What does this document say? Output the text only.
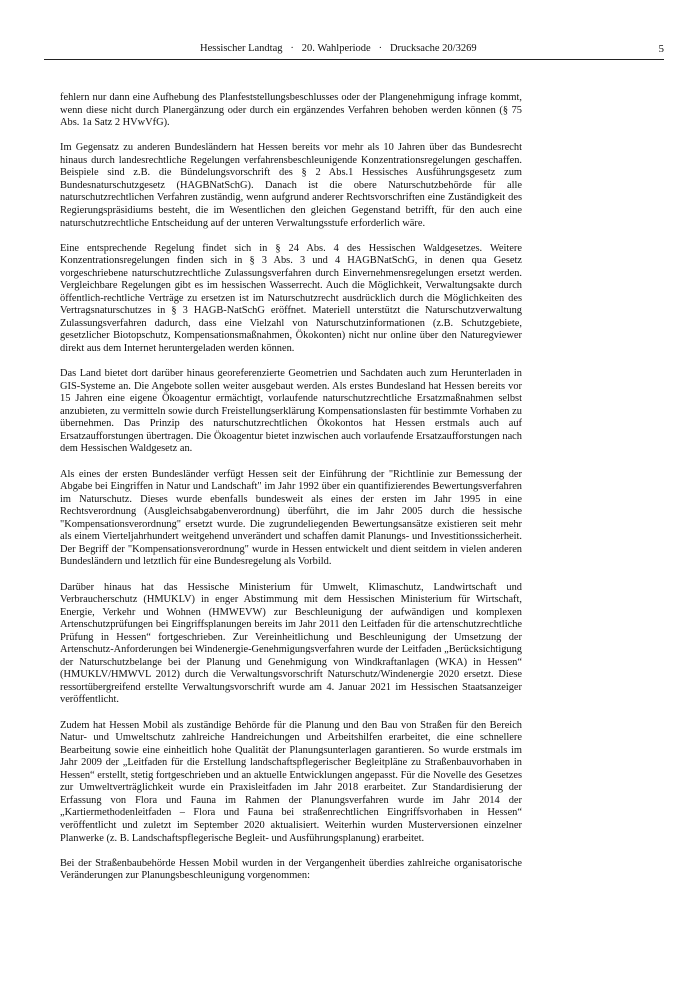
Hessischer Landtag · 20. Wahlperiode · Drucksache 20/3269	5

fehlern nur dann eine Aufhebung des Planfeststellungsbeschlusses oder der Plangenehmigung infrage kommt, wenn diese nicht durch Planergänzung oder durch ein ergänzendes Verfahren behoben werden können (§ 75 Abs. 1a Satz 2 HVwVfG).

Im Gegensatz zu anderen Bundesländern hat Hessen bereits vor mehr als 10 Jahren über das Bundesrecht hinaus durch landesrechtliche Regelungen verfahrensbeschleunigende Konzentrationsregelungen geschaffen. Beispiele sind z.B. die Bündelungsvorschrift des § 2 Abs.1 Hessisches Ausführungsgesetz zum Bundesnaturschutzgesetz (HAGBNatSchG). Danach ist die obere Naturschutzbehörde für alle naturschutzrechtlichen Verfahren zuständig, wenn aufgrund anderer Rechtsvorschriften eine Zuständigkeit des Regierungspräsidiums besteht, die im Wesentlichen den gleichen Gegenstand betrifft, für den auch eine naturschutzrechtliche Entscheidung auf der unteren Verwaltungsstufe erforderlich wäre.

Eine entsprechende Regelung findet sich in § 24 Abs. 4 des Hessischen Waldgesetzes. Weitere Konzentrationsregelungen finden sich in § 3 Abs. 3 und 4 HAGBNatSchG, in denen qua Gesetz vorgeschriebene naturschutzrechtliche Zulassungsverfahren durch Einvernehmensregelungen ersetzt werden. Vergleichbare Regelungen gibt es im hessischen Wasserrecht. Auch die Möglichkeit, Verwaltungsakte durch öffentlich-rechtliche Verträge zu ersetzen ist im Naturschutzrecht ausdrücklich durch die Möglichkeiten des Vertragsnaturschutzes in § 3 HAGB-NatSchG eröffnet. Materiell unterstützt die Naturschutzverwaltung Zulassungsverfahren dadurch, dass eine Vielzahl von Naturschutzinformationen (z.B. Schutzgebiete, gesetzlicher Biotopschutz, Kompensationsmaßnahmen, Ökokonten) nicht nur online über den Naturegviewer direkt aus dem Internet heruntergeladen werden können.

Das Land bietet dort darüber hinaus georeferenzierte Geometrien und Sachdaten auch zum Herunterladen in GIS-Systeme an. Die Angebote sollen weiter ausgebaut werden. Als erstes Bundesland hat Hessen bereits vor 15 Jahren eine eigene Ökoagentur ermächtigt, vorlaufende naturschutzrechtliche Ersatzmaßnahmen selbst anzubieten, zu vermitteln sowie durch Freistellungserklärung Kompensationslasten für bestimmte Vorhaben zu übernehmen. Das Prinzip des naturschutzrechtlichen Ökokontos hat Hessen erstmals auch auf Ersatzaufforstungen übertragen. Die Ökoagentur bietet inzwischen auch vorlaufende Ersatzaufforstungen nach dem Hessischen Waldgesetz an.

Als eines der ersten Bundesländer verfügt Hessen seit der Einführung der "Richtlinie zur Bemessung der Abgabe bei Eingriffen in Natur und Landschaft" im Jahr 1992 über ein quantifizierendes Bewertungsverfahren im Naturschutz. Dieses wurde ebenfalls bundesweit als eines der ersten im Jahr 1995 in eine Rechtsverordnung (Ausgleichsabgabenverordnung) überführt, die im Jahr 2005 durch die hessische "Kompensationsverordnung" ersetzt wurde. Die zugrundeliegenden Bewertungsansätze existieren seit mehr als einem Vierteljahrhundert weitgehend unverändert und schaffen damit Planungs- und Investitionssicherheit. Der Begriff der "Kompensationsverordnung" wurde in Hessen entwickelt und dient seitdem in vielen anderen Bundesländern und letztlich für eine Bundesregelung als Vorbild.

Darüber hinaus hat das Hessische Ministerium für Umwelt, Klimaschutz, Landwirtschaft und Verbraucherschutz (HMUKLV) in enger Abstimmung mit dem Hessischen Ministerium für Wirtschaft, Energie, Verkehr und Wohnen (HMWEVW) zur Beschleunigung der aufwändigen und komplexen Artenschutzprüfungen bei Eingriffsplanungen bereits im Jahr 2011 den Leitfaden für die artenschutzrechtliche Prüfung in Hessen“ fortgeschrieben. Zur Vereinheitlichung und Beschleunigung der Umsetzung der Artenschutz-Anforderungen bei Windenergie-Genehmigungsverfahren wurde der Leitfaden „Berücksichtigung der Naturschutzbelange bei der Planung und Genehmigung von Windkraftanlagen (WKA) in Hessen“ (HMUKLV/HMWVL 2012) durch die Verwaltungsvorschrift Naturschutz/Windenergie 2020 ersetzt. Diese ressortübergreifend erstellte Verwaltungsvorschrift wurde am 4. Januar 2021 im Hessischen Staatsanzeiger veröffentlicht.

Zudem hat Hessen Mobil als zuständige Behörde für die Planung und den Bau von Straßen für den Bereich Natur- und Umweltschutz zahlreiche Handreichungen und Arbeitshilfen erarbeitet, die eine schnellere Bearbeitung sowie eine einheitlich hohe Qualität der Planungsunterlagen garantieren. So wurde erstmals im Jahr 2009 der „Leitfaden für die Erstellung landschaftspflegerischer Begleitpläne zu Straßenbauvorhaben in Hessen“ erstellt, stetig fortgeschrieben und an aktuelle Entwicklungen angepasst. Für die Novelle des Gesetzes zur Umweltverträglichkeit wurde ein Praxisleitfaden im Jahr 2018 erarbeitet. Zur Standardisierung der Erfassung von Flora und Fauna im Rahmen der Planungsverfahren wurde im Jahr 2014 der „Kartiermethodenleitfaden – Flora und Fauna bei straßenrechtlichen Eingriffsvorhaben in Hessen“ veröffentlicht und zuletzt im September 2020 aktualisiert. Weiterhin wurden Musterversionen einzelner Planwerke (z. B. Landschaftspflegerische Begleit- und Ausführungsplanung) erarbeitet.

Bei der Straßenbaubehörde Hessen Mobil wurden in der Vergangenheit überdies zahlreiche organisatorische Veränderungen zur Planungsbeschleunigung vorgenommen:
